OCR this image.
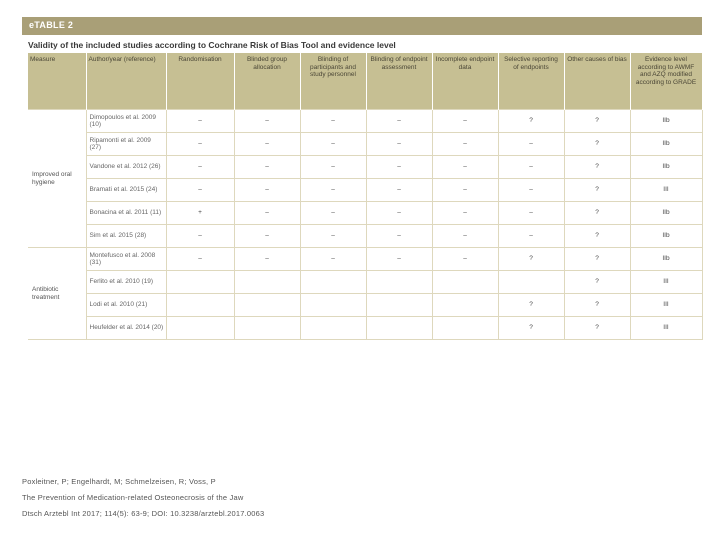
eTABLE 2
Validity of the included studies according to Cochrane Risk of Bias Tool and evidence level
Measure	Author/year (reference)	Randomisation	Blinded group allocation	Blinding of participants and study personnel	Blinding of endpoint assessment	Incomplete endpoint data	Selective reporting of endpoints	Other causes of bias	Evidence level according to AWMF and AZQ modified according to GRADE
Improved oral hygiene	Dimopoulos et al. 2009 (10)	–	–	–	–	–	?	?	IIb
	Ripamonti et al. 2009 (27)	–	–	–	–	–	–	?	IIb
	Vandone et al. 2012 (26)	–	–	–	–	–	–	?	IIb
	Bramati et al. 2015 (24)	–	–	–	–	–	–	?	III
	Bonacina et al. 2011 (11)	+	–	–	–	–	–	?	IIb
	Sim et al. 2015 (28)	–	–	–	–	–	–	?	IIb
Antibiotic treatment	Montefusco et al. 2008 (31)	–	–	–	–	–	?	?	IIb
	Ferlito et al. 2010 (19)							?	III
	Lodi et al. 2010 (21)						?	?	III
	Heufelder et al. 2014 (20)						?	?	III
Poxleitner, P; Engelhardt, M; Schmelzeisen, R; Voss, P
The Prevention of Medication-related Osteonecrosis of the Jaw
Dtsch Arztebl Int 2017; 114(5): 63-9; DOI: 10.3238/arztebl.2017.0063
